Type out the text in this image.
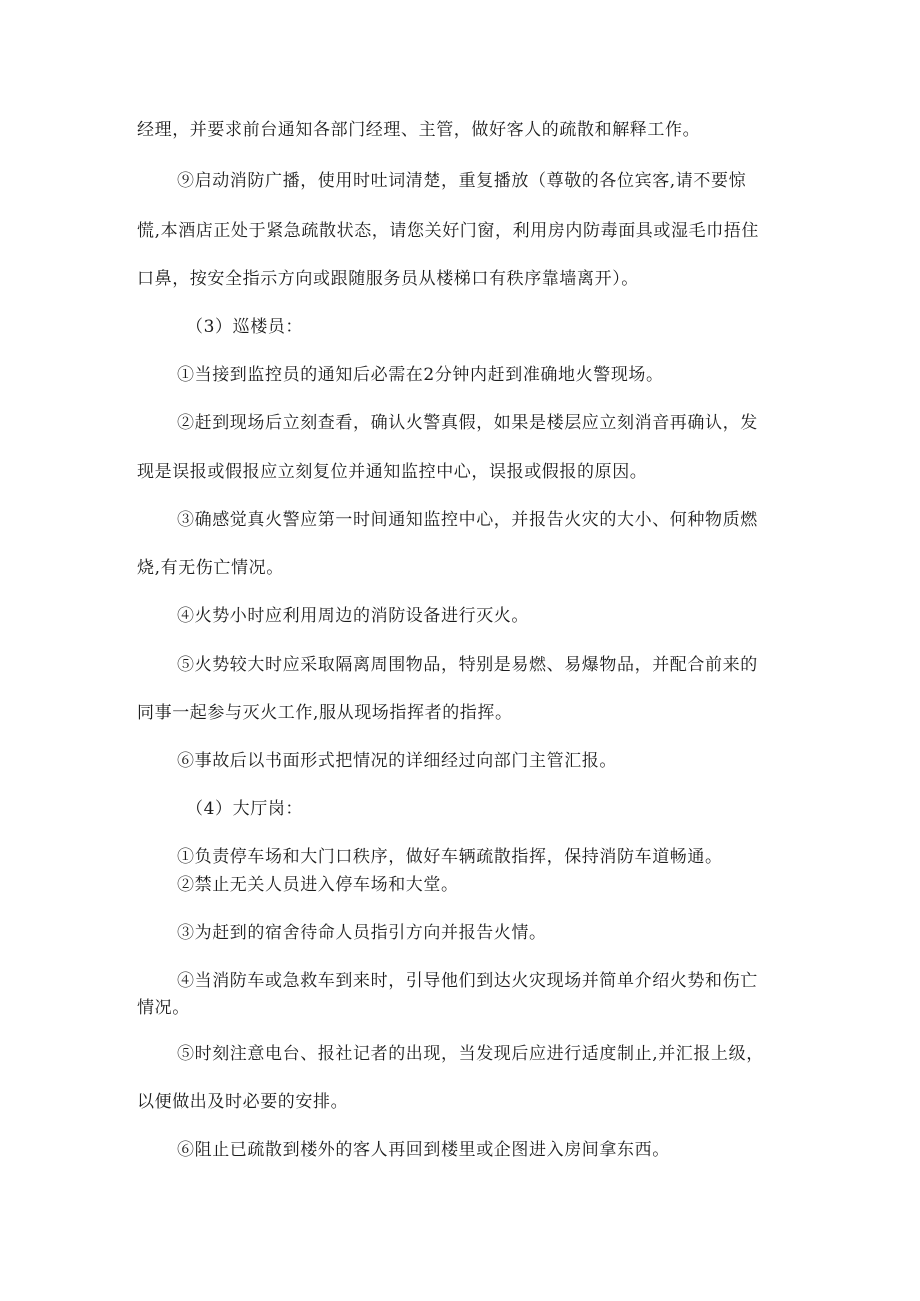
经理，并要求前台通知各部门经理、主管，做好客人的疏散和解释工作。
⑨启动消防广播，使用时吐词清楚，重复播放（尊敬的各位宾客,请不要惊
慌,本酒店正处于紧急疏散状态，请您关好门窗，利用房内防毒面具或湿毛巾捂住
口鼻，按安全指示方向或跟随服务员从楼梯口有秩序靠墙离开）。
（3）巡楼员：
①当接到监控员的通知后必需在2分钟内赶到准确地火警现场。
②赶到现场后立刻查看，确认火警真假，如果是楼层应立刻消音再确认，发
现是误报或假报应立刻复位并通知监控中心，误报或假报的原因。
③确感觉真火警应第一时间通知监控中心，并报告火灾的大小、何种物质燃
烧,有无伤亡情况。
④火势小时应利用周边的消防设备进行灭火。
⑤火势较大时应采取隔离周围物品，特别是易燃、易爆物品，并配合前来的
同事一起参与灭火工作,服从现场指挥者的指挥。
⑥事故后以书面形式把情况的详细经过向部门主管汇报。
（4）大厅岗：
①负责停车场和大门口秩序，做好车辆疏散指挥，保持消防车道畅通。
②禁止无关人员进入停车场和大堂。
③为赶到的宿舍待命人员指引方向并报告火情。
④当消防车或急救车到来时，引导他们到达火灾现场并简单介绍火势和伤亡
情况。
⑤时刻注意电台、报社记者的出现，当发现后应进行适度制止,并汇报上级，
以便做出及时必要的安排。
⑥阻止已疏散到楼外的客人再回到楼里或企图进入房间拿东西。
